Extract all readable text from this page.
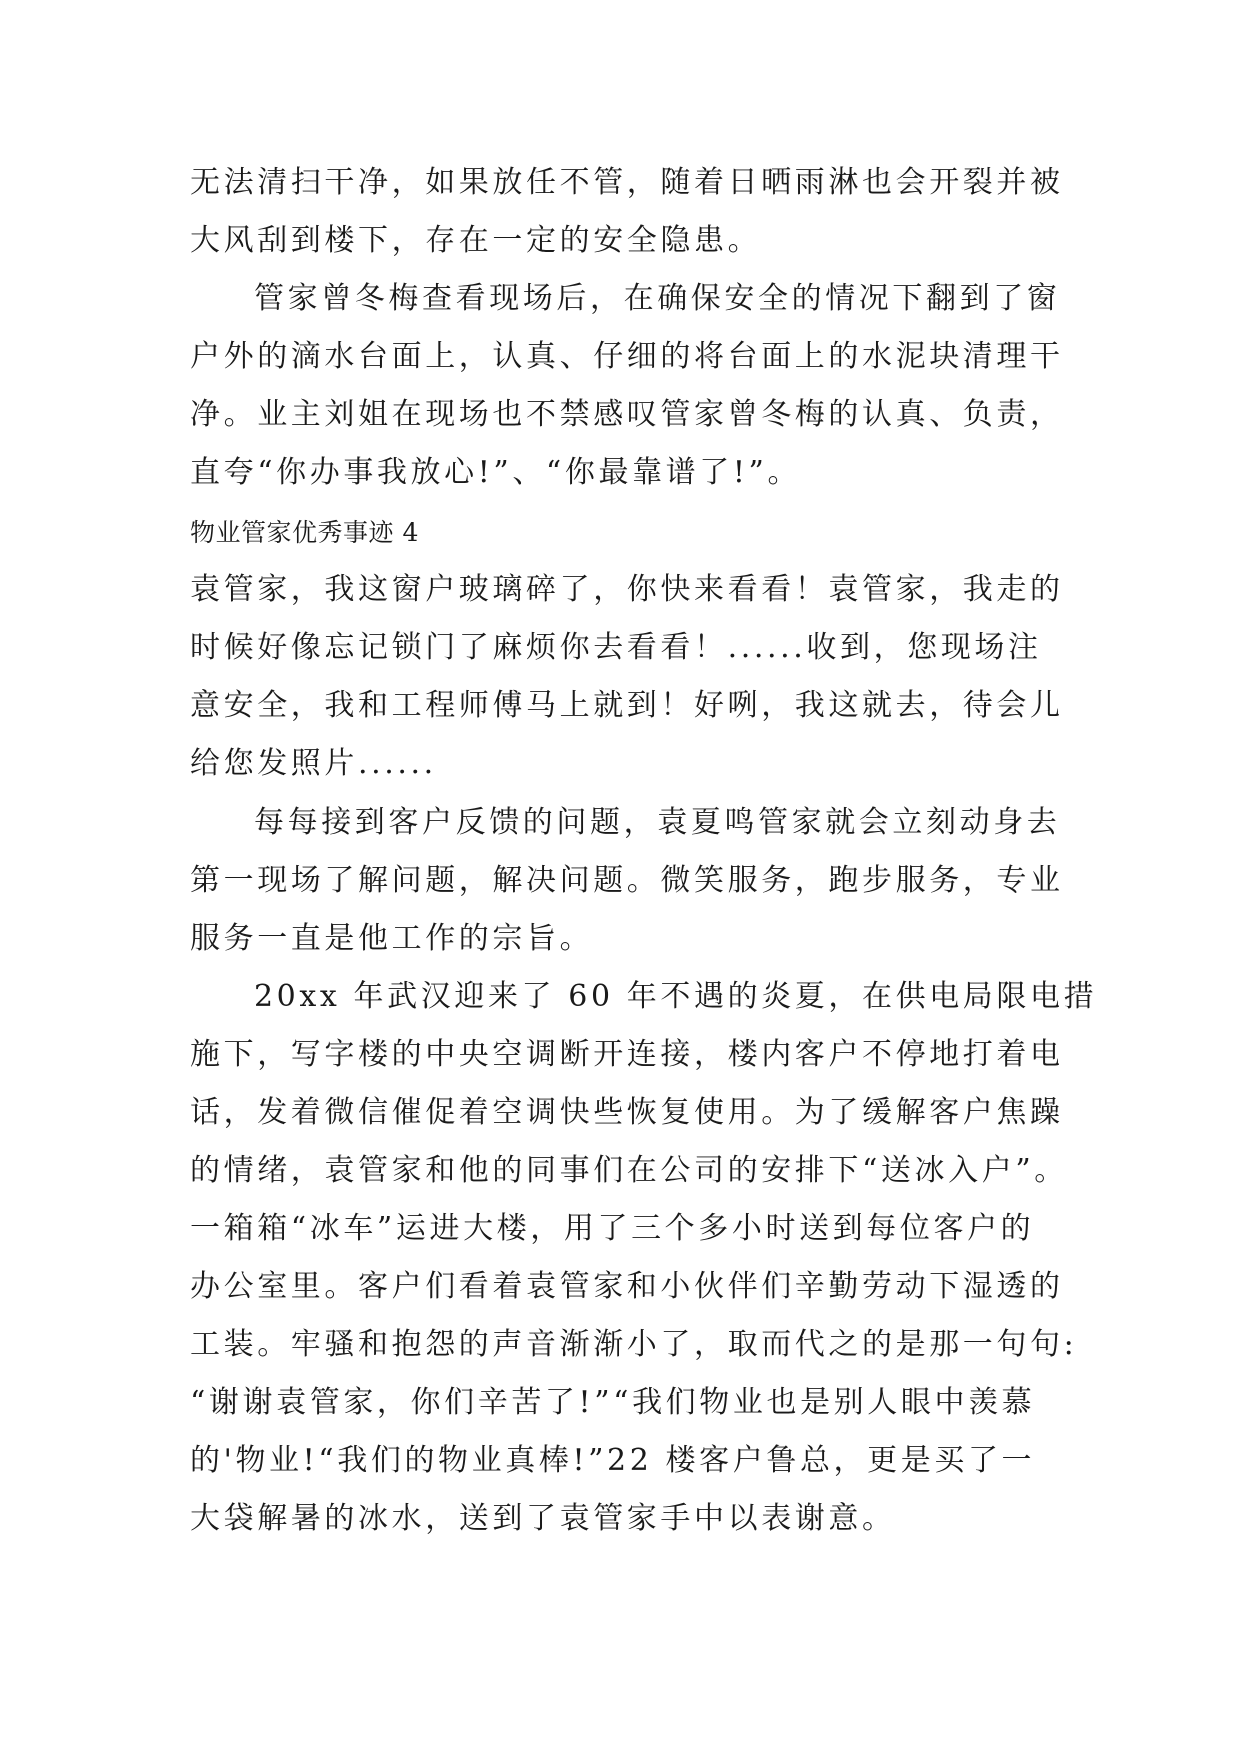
无法清扫干净，如果放任不管，随着日晒雨淋也会开裂并被
大风刮到楼下，存在一定的安全隐患。
管家曾冬梅查看现场后，在确保安全的情况下翻到了窗
户外的滴水台面上，认真、仔细的将台面上的水泥块清理干
净。业主刘姐在现场也不禁感叹管家曾冬梅的认真、负责，
直夸“你办事我放心!”、“你最靠谱了!”。
物业管家优秀事迹 4
袁管家，我这窗户玻璃碎了，你快来看看！袁管家，我走的
时候好像忘记锁门了麻烦你去看看！......收到，您现场注
意安全，我和工程师傅马上就到！好咧，我这就去，待会儿
给您发照片......
每每接到客户反馈的问题，袁夏鸣管家就会立刻动身去
第一现场了解问题，解决问题。微笑服务，跑步服务，专业
服务一直是他工作的宗旨。
20xx 年武汉迎来了 60 年不遇的炎夏，在供电局限电措
施下，写字楼的中央空调断开连接，楼内客户不停地打着电
话，发着微信催促着空调快些恢复使用。为了缓解客户焦躁
的情绪，袁管家和他的同事们在公司的安排下“送冰入户”。
一箱箱“冰车”运进大楼，用了三个多小时送到每位客户的
办公室里。客户们看着袁管家和小伙伴们辛勤劳动下湿透的
工装。牢骚和抱怨的声音渐渐小了，取而代之的是那一句句:
“谢谢袁管家，你们辛苦了!”“我们物业也是别人眼中羡慕
的'物业!“我们的物业真棒!”22 楼客户鲁总，更是买了一
大袋解暑的冰水，送到了袁管家手中以表谢意。
